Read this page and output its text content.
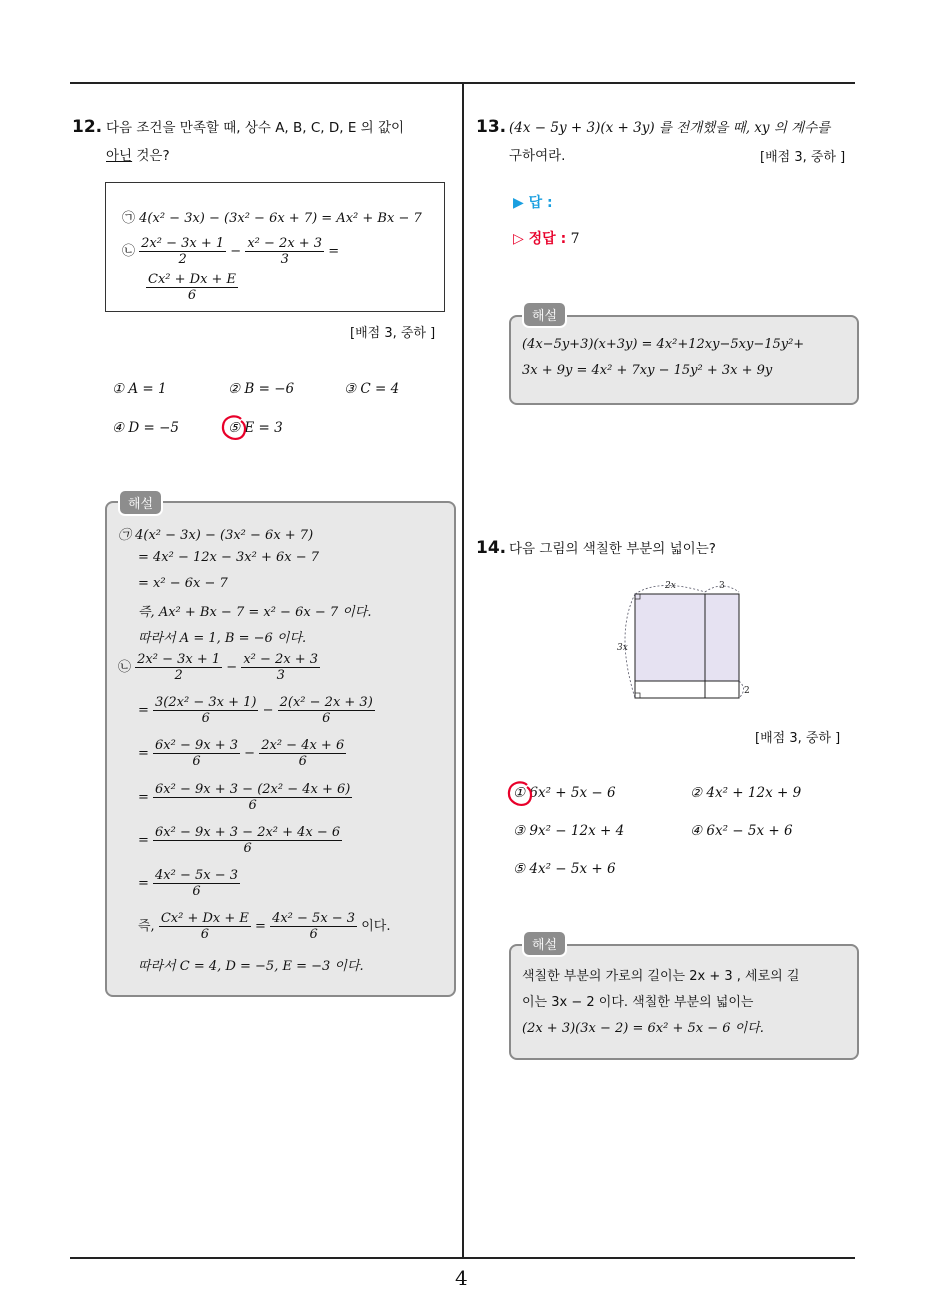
4
12. 다음 조건을 만족할 때, 상수 A, B, C, D, E 의 값이
아닌 것은?
㉠ 4(x² − 3x) − (3x² − 6x + 7) = Ax² + Bx − 7
㉡ $\frac{\text{2x² − 3x + 1}}{2} - \frac{\text{x² − 2x + 3}}{3}$ =
$\frac{\text{Cx² + Dx + E}}{6}$
[배점 3, 중하 ]
① A = 1	② B = −6	③ C = 4
④ D = −5	⑤ E = 3
해설
㉠ 4(x² − 3x) − (3x² − 6x + 7)
= 4x² − 12x − 3x² + 6x − 7
= x² − 6x − 7
즉, Ax² + Bx − 7 = x² − 6x − 7 이다.
따라서 A = 1, B = −6 이다.
㉡ $\frac{\text{2x² − 3x + 1}}{2} - \frac{\text{x² − 2x + 3}}{3}$
= $\frac{\text{3(2x² − 3x + 1)}}{6} - \frac{\text{2(x² − 2x + 3)}}{6}$
= $\frac{\text{6x² − 9x + 3}}{6} - \frac{\text{2x² − 4x + 6}}{6}$
= $\frac{\text{6x² − 9x + 3 − (2x² − 4x + 6)}}{6}$
= $\frac{\text{6x² − 9x + 3 − 2x² + 4x − 6}}{6}$
= $\frac{\text{4x² − 5x − 3}}{6}$
즉, $\frac{\text{Cx² + Dx + E}}{6} = \frac{\text{4x² − 5x − 3}}{6}$ 이다.
따라서 C = 4, D = −5, E = −3 이다.
13. (4x − 5y + 3)(x + 3y) 를 전개했을 때, xy 의 계수를
구하여라.	[배점 3, 중하 ]
▶ 답 :
▷ 정답 : 7
해설
(4x−5y+3)(x+3y) = 4x²+12xy−5xy−15y²+
3x + 9y = 4x² + 7xy − 15y² + 3x + 9y
14. 다음 그림의 색칠한 부분의 넓이는?
2x	3
3x
2
[배점 3, 중하 ]
① 6x² + 5x − 6	② 4x² + 12x + 9
③ 9x² − 12x + 4	④ 6x² − 5x + 6
⑤ 4x² − 5x + 6
해설
색칠한 부분의 가로의 길이는 2x + 3 , 세로의 길
이는 3x − 2 이다. 색칠한 부분의 넓이는
(2x + 3)(3x − 2) = 6x² + 5x − 6 이다.
